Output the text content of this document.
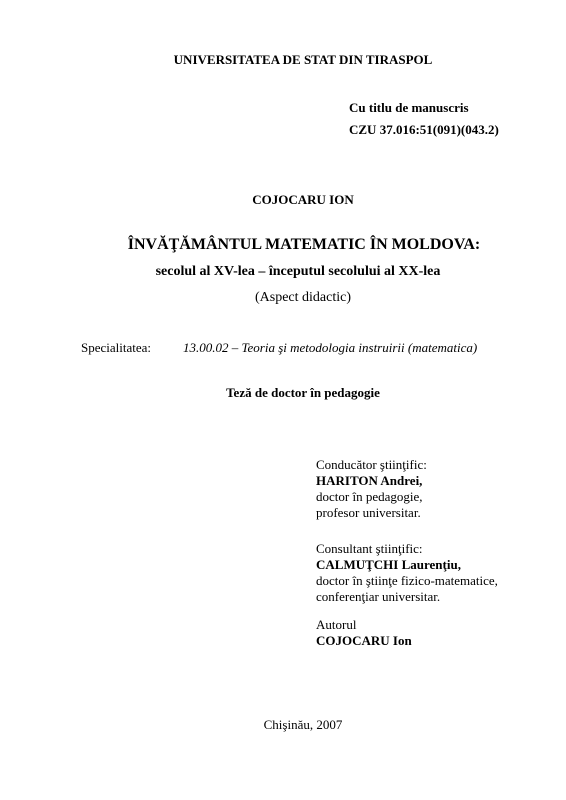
UNIVERSITATEA DE STAT DIN TIRASPOL
Cu titlu de manuscris
CZU 37.016:51(091)(043.2)
COJOCARU ION
ÎNVĂŢĂMÂNTUL MATEMATIC ÎN MOLDOVA:
secolul al XV-lea – începutul secolului al XX-lea
(Aspect didactic)
Specialitatea: 13.00.02 – Teoria şi metodologia instruirii (matematica)
Teză de doctor în pedagogie
Conducător ştiinţific:
HARITON Andrei,
doctor în pedagogie,
profesor universitar.
Consultant ştiinţific:
CALMUŢCHI Laurenţiu,
doctor în ştiinţe fizico-matematice,
conferenţiar universitar.
Autorul
COJOCARU Ion
Chişinău, 2007
